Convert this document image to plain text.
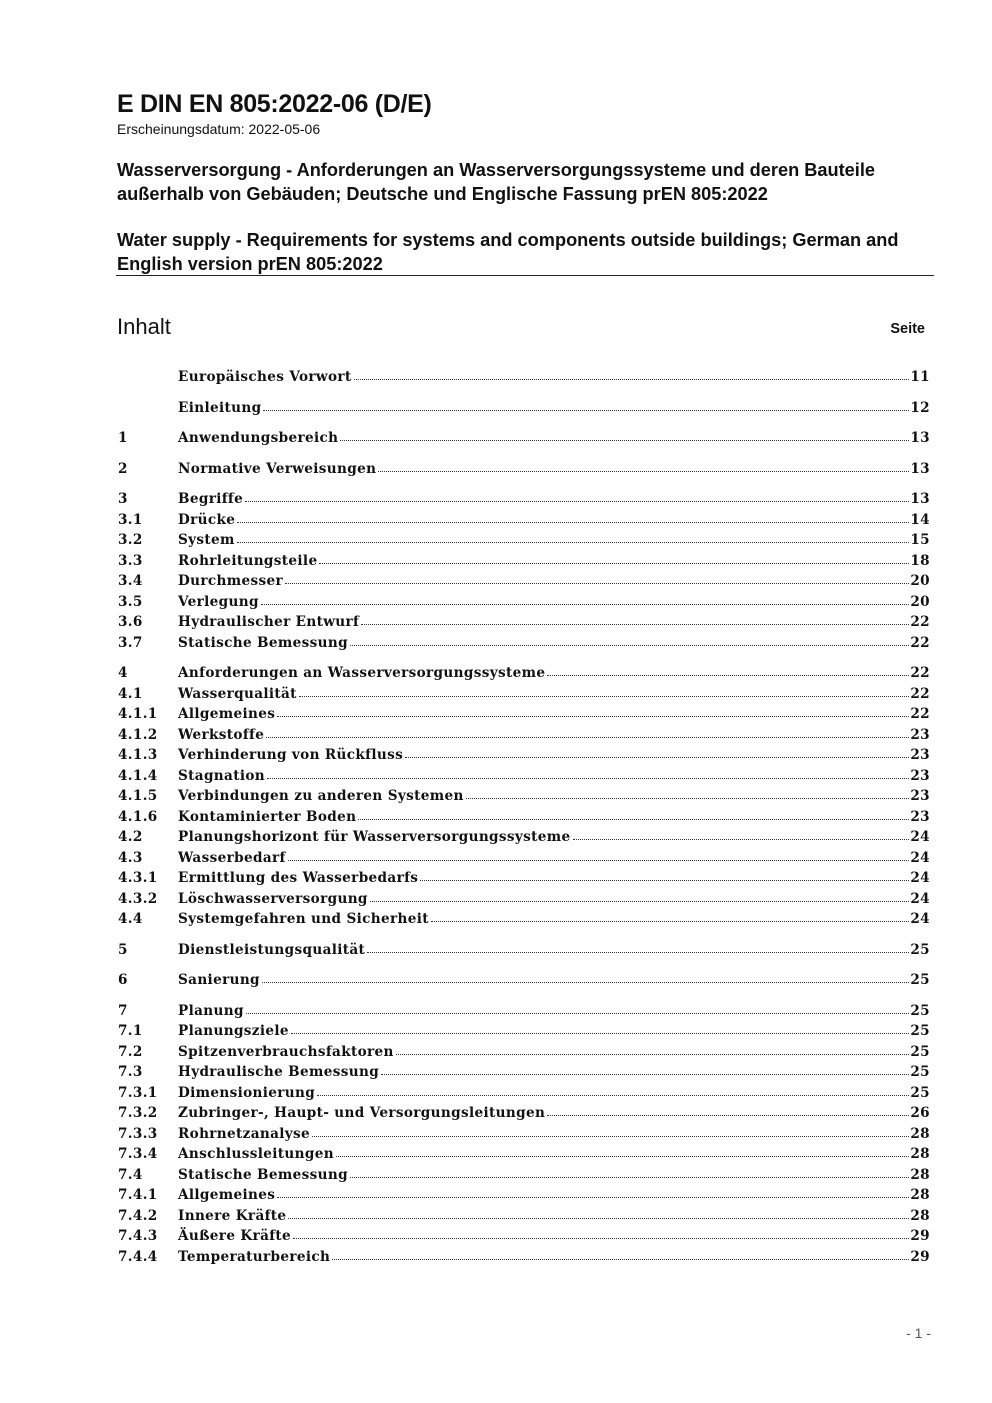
E DIN EN 805:2022-06 (D/E)
Erscheinungsdatum: 2022-05-06
Wasserversorgung - Anforderungen an Wasserversorgungssysteme und deren Bauteile außerhalb von Gebäuden; Deutsche und Englische Fassung prEN 805:2022
Water supply - Requirements for systems and components outside buildings; German and English version prEN 805:2022
Inhalt	Seite
Europäisches Vorwort	11
Einleitung	12
1	Anwendungsbereich	13
2	Normative Verweisungen	13
3	Begriffe	13
3.1	Drücke	14
3.2	System	15
3.3	Rohrleitungsteile	18
3.4	Durchmesser	20
3.5	Verlegung	20
3.6	Hydraulischer Entwurf	22
3.7	Statische Bemessung	22
4	Anforderungen an Wasserversorgungssysteme	22
4.1	Wasserqualität	22
4.1.1	Allgemeines	22
4.1.2	Werkstoffe	23
4.1.3	Verhinderung von Rückfluss	23
4.1.4	Stagnation	23
4.1.5	Verbindungen zu anderen Systemen	23
4.1.6	Kontaminierter Boden	23
4.2	Planungshorizont für Wasserversorgungssysteme	24
4.3	Wasserbedarf	24
4.3.1	Ermittlung des Wasserbedarfs	24
4.3.2	Löschwasserversorgung	24
4.4	Systemgefahren und Sicherheit	24
5	Dienstleistungsqualität	25
6	Sanierung	25
7	Planung	25
7.1	Planungsziele	25
7.2	Spitzenverbrauchsfaktoren	25
7.3	Hydraulische Bemessung	25
7.3.1	Dimensionierung	25
7.3.2	Zubringer-, Haupt- und Versorgungsleitungen	26
7.3.3	Rohrnetzanalyse	28
7.3.4	Anschlussleitungen	28
7.4	Statische Bemessung	28
7.4.1	Allgemeines	28
7.4.2	Innere Kräfte	28
7.4.3	Äußere Kräfte	29
7.4.4	Temperaturbereich	29
- 1 -
